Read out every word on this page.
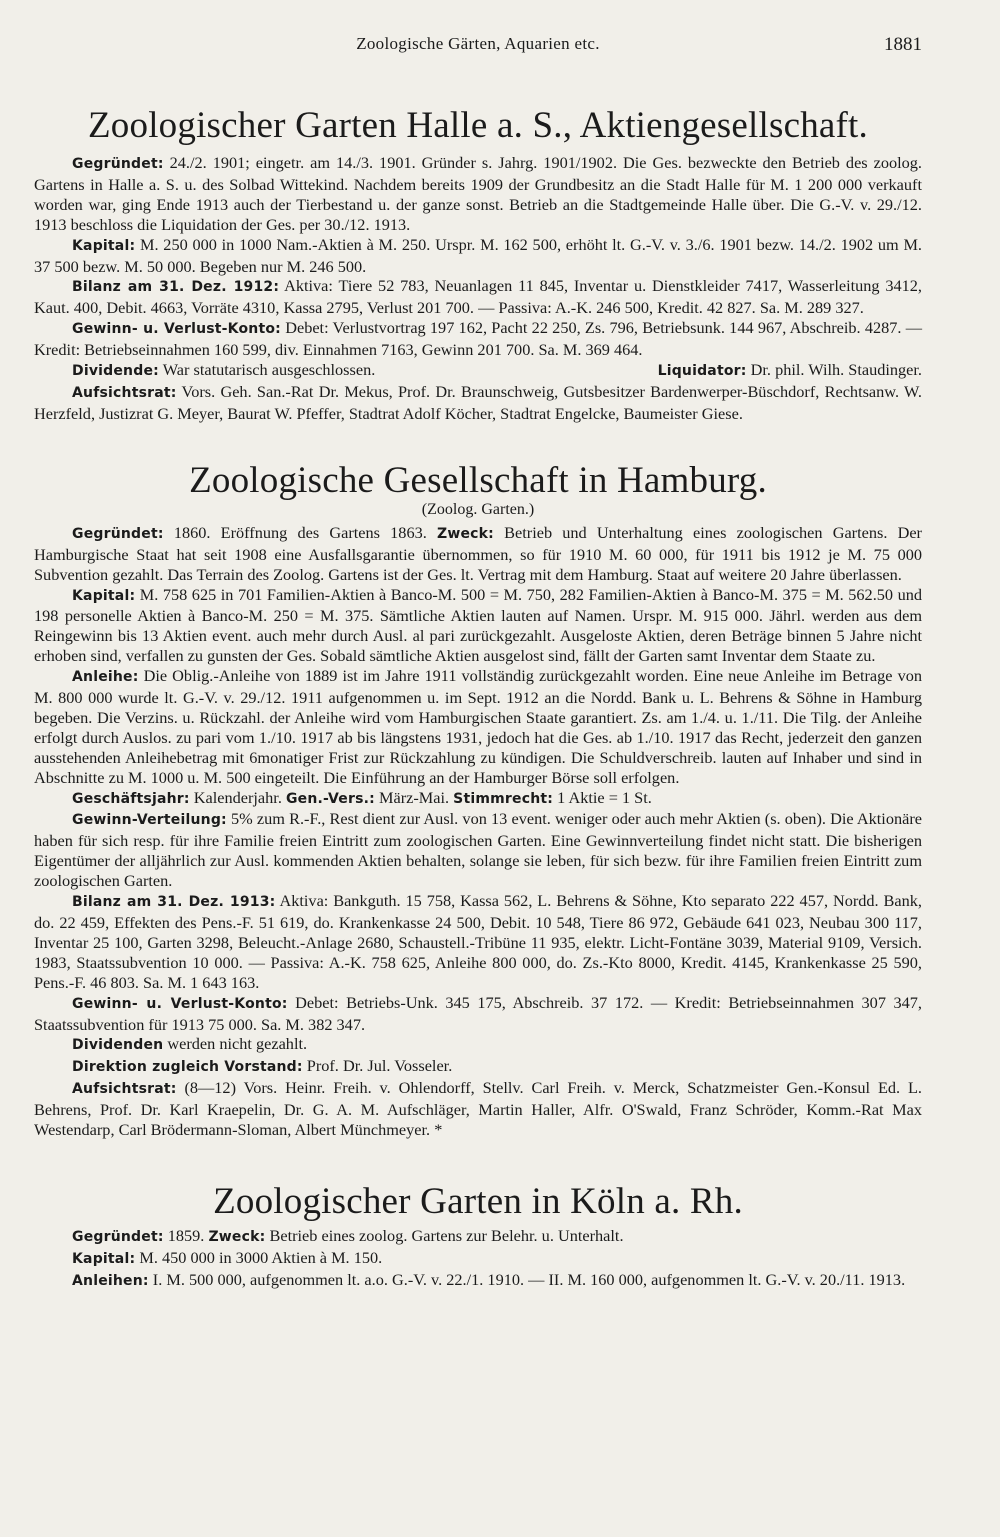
Zoologische Gärten, Aquarien etc.	1881
Zoologischer Garten Halle a. S., Aktiengesellschaft.

Gegründet: 24./2. 1901; eingetr. am 14./3. 1901. Gründer s. Jahrg. 1901/1902. Die Ges. bezweckte den Betrieb des zoolog. Gartens in Halle a. S. u. des Solbad Wittekind. Nachdem bereits 1909 der Grundbesitz an die Stadt Halle für M. 1 200 000 verkauft worden war, ging Ende 1913 auch der Tierbestand u. der ganze sonst. Betrieb an die Stadtgemeinde Halle über. Die G.-V. v. 29./12. 1913 beschloss die Liquidation der Ges. per 30./12. 1913.

Kapital: M. 250 000 in 1000 Nam.-Aktien à M. 250. Urspr. M. 162 500, erhöht lt. G.-V. v. 3./6. 1901 bezw. 14./2. 1902 um M. 37 500 bezw. M. 50 000. Begeben nur M. 246 500.

Bilanz am 31. Dez. 1912: Aktiva: Tiere 52 783, Neuanlagen 11 845, Inventar u. Dienstkleider 7417, Wasserleitung 3412, Kaut. 400, Debit. 4663, Vorräte 4310, Kassa 2795, Verlust 201 700. — Passiva: A.-K. 246 500, Kredit. 42 827. Sa. M. 289 327.

Gewinn- u. Verlust-Konto: Debet: Verlustvortrag 197 162, Pacht 22 250, Zs. 796, Betriebsunk. 144 967, Abschreib. 4287. — Kredit: Betriebseinnahmen 160 599, div. Einnahmen 7163, Gewinn 201 700. Sa. M. 369 464.

Dividende: War statutarisch ausgeschlossen.	Liquidator: Dr. phil. Wilh. Staudinger.

Aufsichtsrat: Vors. Geh. San.-Rat Dr. Mekus, Prof. Dr. Braunschweig, Gutsbesitzer Bardenwerper-Büschdorf, Rechtsanw. W. Herzfeld, Justizrat G. Meyer, Baurat W. Pfeffer, Stadtrat Adolf Köcher, Stadtrat Engelcke, Baumeister Giese.

Zoologische Gesellschaft in Hamburg.
(Zoolog. Garten.)

Gegründet: 1860. Eröffnung des Gartens 1863. Zweck: Betrieb und Unterhaltung eines zoologischen Gartens. Der Hamburgische Staat hat seit 1908 eine Ausfallsgarantie übernommen, so für 1910 M. 60 000, für 1911 bis 1912 je M. 75 000 Subvention gezahlt. Das Terrain des Zoolog. Gartens ist der Ges. lt. Vertrag mit dem Hamburg. Staat auf weitere 20 Jahre überlassen.

Kapital: M. 758 625 in 701 Familien-Aktien à Banco-M. 500 = M. 750, 282 Familien-Aktien à Banco-M. 375 = M. 562.50 und 198 personelle Aktien à Banco-M. 250 = M. 375. Sämtliche Aktien lauten auf Namen. Urspr. M. 915 000. Jährl. werden aus dem Reingewinn bis 13 Aktien event. auch mehr durch Ausl. al pari zurückgezahlt. Ausgeloste Aktien, deren Beträge binnen 5 Jahre nicht erhoben sind, verfallen zu gunsten der Ges. Sobald sämtliche Aktien ausgelost sind, fällt der Garten samt Inventar dem Staate zu.

Anleihe: Die Oblig.-Anleihe von 1889 ist im Jahre 1911 vollständig zurückgezahlt worden. Eine neue Anleihe im Betrage von M. 800 000 wurde lt. G.-V. v. 29./12. 1911 aufgenommen u. im Sept. 1912 an die Nordd. Bank u. L. Behrens & Söhne in Hamburg begeben. Die Verzins. u. Rückzahl. der Anleihe wird vom Hamburgischen Staate garantiert. Zs. am 1./4. u. 1./11. Die Tilg. der Anleihe erfolgt durch Auslos. zu pari vom 1./10. 1917 ab bis längstens 1931, jedoch hat die Ges. ab 1./10. 1917 das Recht, jederzeit den ganzen ausstehenden Anleihebetrag mit 6monatiger Frist zur Rückzahlung zu kündigen. Die Schuldverschreib. lauten auf Inhaber und sind in Abschnitte zu M. 1000 u. M. 500 eingeteilt. Die Einführung an der Hamburger Börse soll erfolgen.

Geschäftsjahr: Kalenderjahr. Gen.-Vers.: März-Mai. Stimmrecht: 1 Aktie = 1 St.

Gewinn-Verteilung: 5% zum R.-F., Rest dient zur Ausl. von 13 event. weniger oder auch mehr Aktien (s. oben). Die Aktionäre haben für sich resp. für ihre Familie freien Eintritt zum zoologischen Garten. Eine Gewinnverteilung findet nicht statt. Die bisherigen Eigentümer der alljährlich zur Ausl. kommenden Aktien behalten, solange sie leben, für sich bezw. für ihre Familien freien Eintritt zum zoologischen Garten.

Bilanz am 31. Dez. 1913: Aktiva: Bankguth. 15 758, Kassa 562, L. Behrens & Söhne, Kto separato 222 457, Nordd. Bank, do. 22 459, Effekten des Pens.-F. 51 619, do. Krankenkasse 24 500, Debit. 10 548, Tiere 86 972, Gebäude 641 023, Neubau 300 117, Inventar 25 100, Garten 3298, Beleucht.-Anlage 2680, Schaustell.-Tribüne 11 935, elektr. Licht-Fontäne 3039, Material 9109, Versich. 1983, Staatssubvention 10 000. — Passiva: A.-K. 758 625, Anleihe 800 000, do. Zs.-Kto 8000, Kredit. 4145, Krankenkasse 25 590, Pens.-F. 46 803. Sa. M. 1 643 163.

Gewinn- u. Verlust-Konto: Debet: Betriebs-Unk. 345 175, Abschreib. 37 172. — Kredit: Betriebseinnahmen 307 347, Staatssubvention für 1913 75 000. Sa. M. 382 347.

Dividenden werden nicht gezahlt.

Direktion zugleich Vorstand: Prof. Dr. Jul. Vosseler.

Aufsichtsrat: (8—12) Vors. Heinr. Freih. v. Ohlendorff, Stellv. Carl Freih. v. Merck, Schatzmeister Gen.-Konsul Ed. L. Behrens, Prof. Dr. Karl Kraepelin, Dr. G. A. M. Aufschläger, Martin Haller, Alfr. O'Swald, Franz Schröder, Komm.-Rat Max Westendarp, Carl Brödermann-Sloman, Albert Münchmeyer. *

Zoologischer Garten in Köln a. Rh.

Gegründet: 1859. Zweck: Betrieb eines zoolog. Gartens zur Belehr. u. Unterhalt.

Kapital: M. 450 000 in 3000 Aktien à M. 150.

Anleihen: I. M. 500 000, aufgenommen lt. a.o. G.-V. v. 22./1. 1910. — II. M. 160 000, aufgenommen lt. G.-V. v. 20./11. 1913.
